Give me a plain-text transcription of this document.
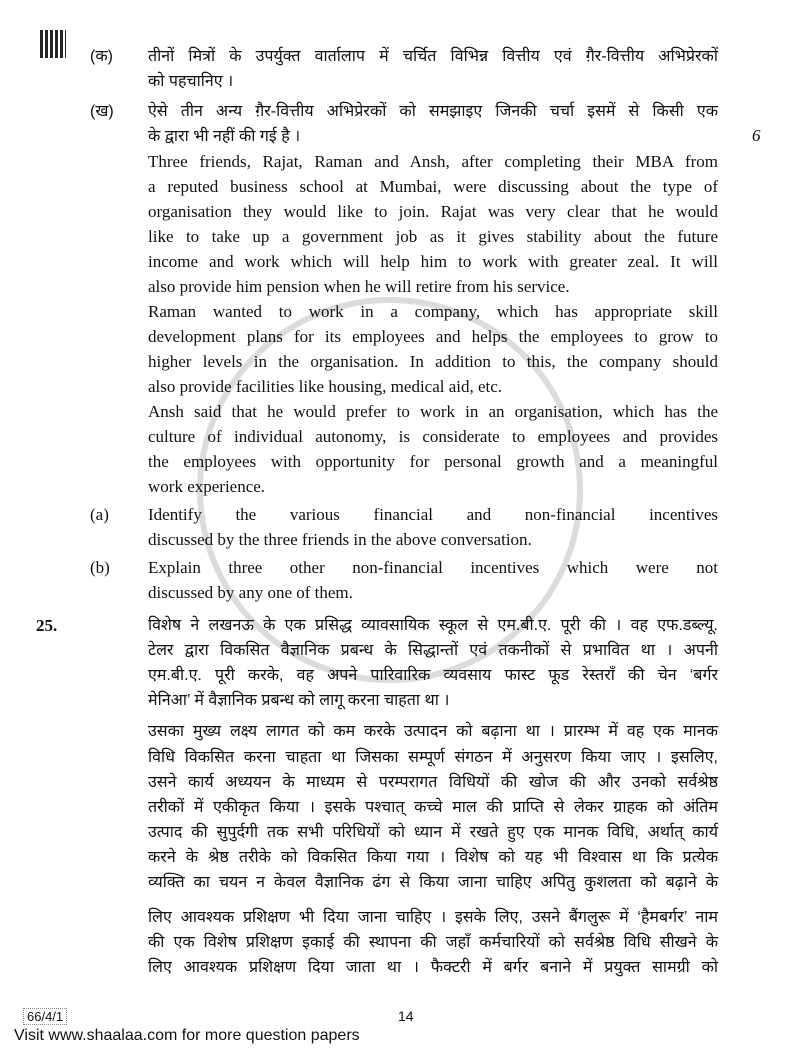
(क) तीनों मित्रों के उपर्युक्त वार्तालाप में चर्चित विभिन्न वित्तीय एवं ग़ैर-वित्तीय अभिप्रेरकों
को पहचानिए ।
(ख) ऐसे तीन अन्य ग़ैर-वित्तीय अभिप्रेरकों को समझाइए जिनकी चर्चा इसमें से किसी एक
के द्वारा भी नहीं की गई है ।	6
Three friends, Rajat, Raman and Ansh, after completing their MBA from
a reputed business school at Mumbai, were discussing about the type of
organisation they would like to join. Rajat was very clear that he would
like to take up a government job as it gives stability about the future
income and work which will help him to work with greater zeal. It will
also provide him pension when he will retire from his service.
Raman wanted to work in a company, which has appropriate skill
development plans for its employees and helps the employees to grow to
higher levels in the organisation. In addition to this, the company should
also provide facilities like housing, medical aid, etc.
Ansh said that he would prefer to work in an organisation, which has the
culture of individual autonomy, is considerate to employees and provides
the employees with opportunity for personal growth and a meaningful
work experience.
(a) Identify the various financial and non-financial incentives
discussed by the three friends in the above conversation.
(b) Explain three other non-financial incentives which were not
discussed by any one of them.
25.	विशेष ने लखनऊ के एक प्रसिद्ध व्यावसायिक स्कूल से एम.बी.ए. पूरी की । वह एफ.डब्ल्यू.
टेलर द्वारा विकसित वैज्ञानिक प्रबन्ध के सिद्धान्तों एवं तकनीकों से प्रभावित था । अपनी
एम.बी.ए. पूरी करके, वह अपने पारिवारिक व्यवसाय फास्ट फूड रेस्तराँ की चेन ‘बर्गर
मेनिआ’ में वैज्ञानिक प्रबन्ध को लागू करना चाहता था ।
उसका मुख्य लक्ष्य लागत को कम करके उत्पादन को बढ़ाना था । प्रारम्भ में वह एक मानक
विधि विकसित करना चाहता था जिसका सम्पूर्ण संगठन में अनुसरण किया जाए । इसलिए,
उसने कार्य अध्ययन के माध्यम से परम्परागत विधियों की खोज की और उनको सर्वश्रेष्ठ
तरीकों में एकीकृत किया । इसके पश्चात् कच्चे माल की प्राप्ति से लेकर ग्राहक को अंतिम
उत्पाद की सुपुर्दगी तक सभी परिधियों को ध्यान में रखते हुए एक मानक विधि, अर्थात् कार्य
करने के श्रेष्ठ तरीके को विकसित किया गया । विशेष को यह भी विश्वास था कि प्रत्येक
व्यक्ति का चयन न केवल वैज्ञानिक ढंग से किया जाना चाहिए अपितु कुशलता को बढ़ाने के
लिए आवश्यक प्रशिक्षण भी दिया जाना चाहिए । इसके लिए, उसने बैंगलुरू में ‘हैमबर्गर’ नाम
की एक विशेष प्रशिक्षण इकाई की स्थापना की जहाँ कर्मचारियों को सर्वश्रेष्ठ विधि सीखने के
लिए आवश्यक प्रशिक्षण दिया जाता था । फैक्टरी में बर्गर बनाने में प्रयुक्त सामग्री को
66/4/1	14
Visit www.shaalaa.com for more question papers
